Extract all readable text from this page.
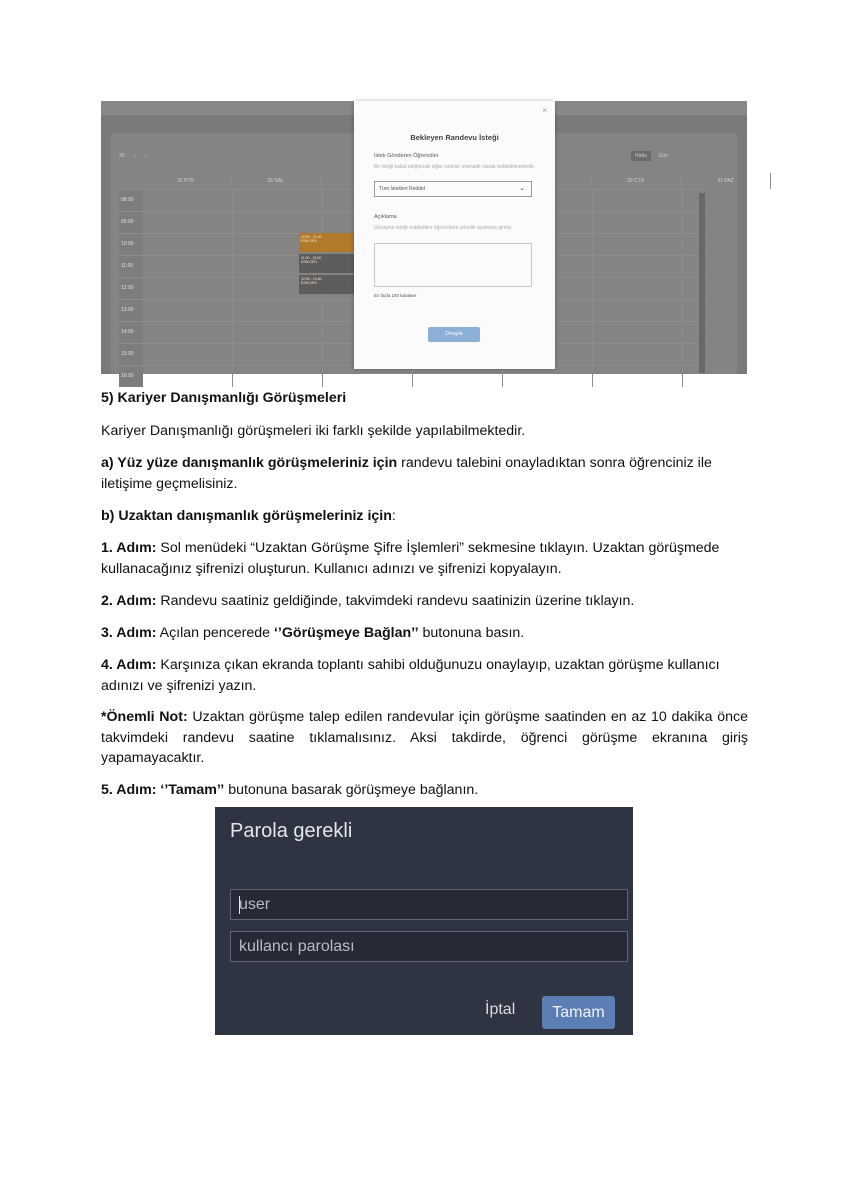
30 ‹ ›	Hafta Gün
25 PTS	26 SAL	30 CTS	31 PAZ
08:00
09:00
10:00
11:00
12:00
13:00
14:00
15:00
16:00
10:00 - 11:00
ESN-DEN
11:00 - 12:00
ESN-DEN
12:00 - 13:00
ESN-DEN
×
Bekleyen Randevu İsteği
İstek Gönderen Öğrenciler
Bir isteği kabul ettiğinizde diğer istekler otomatik olarak reddedilmektedir.
Tüm İstekleri Reddet	⌄
Açıklama
Görüşme isteği reddedilen öğrencilere yönelik açıklama giriniz.
En fazla 150 karakter
Onayla
5) Kariyer Danışmanlığı Görüşmeleri
Kariyer Danışmanlığı görüşmeleri iki farklı şekilde yapılabilmektedir.
a) Yüz yüze danışmanlık görüşmeleriniz için randevu talebini onayladıktan sonra öğrenciniz ile iletişime geçmelisiniz.
b) Uzaktan danışmanlık görüşmeleriniz için:
1. Adım: Sol menüdeki “Uzaktan Görüşme Şifre İşlemleri” sekmesine tıklayın. Uzaktan görüşmede kullanacağınız şifrenizi oluşturun. Kullanıcı adınızı ve şifrenizi kopyalayın.
2. Adım: Randevu saatiniz geldiğinde, takvimdeki randevu saatinizin üzerine tıklayın.
3. Adım: Açılan pencerede ‘’Görüşmeye Bağlan’’ butonuna basın.
4. Adım: Karşınıza çıkan ekranda toplantı sahibi olduğunuzu onaylayıp, uzaktan görüşme kullanıcı adınızı ve şifrenizi yazın.
*Önemli Not: Uzaktan görüşme talep edilen randevular için görüşme saatinden en az 10 dakika önce takvimdeki randevu saatine tıklamalısınız. Aksi takdirde, öğrenci görüşme ekranına giriş yapamayacaktır.
5. Adım: ‘’Tamam’’ butonuna basarak görüşmeye bağlanın.
Parola gerekli
user
kullancı parolası
İptal	Tamam
